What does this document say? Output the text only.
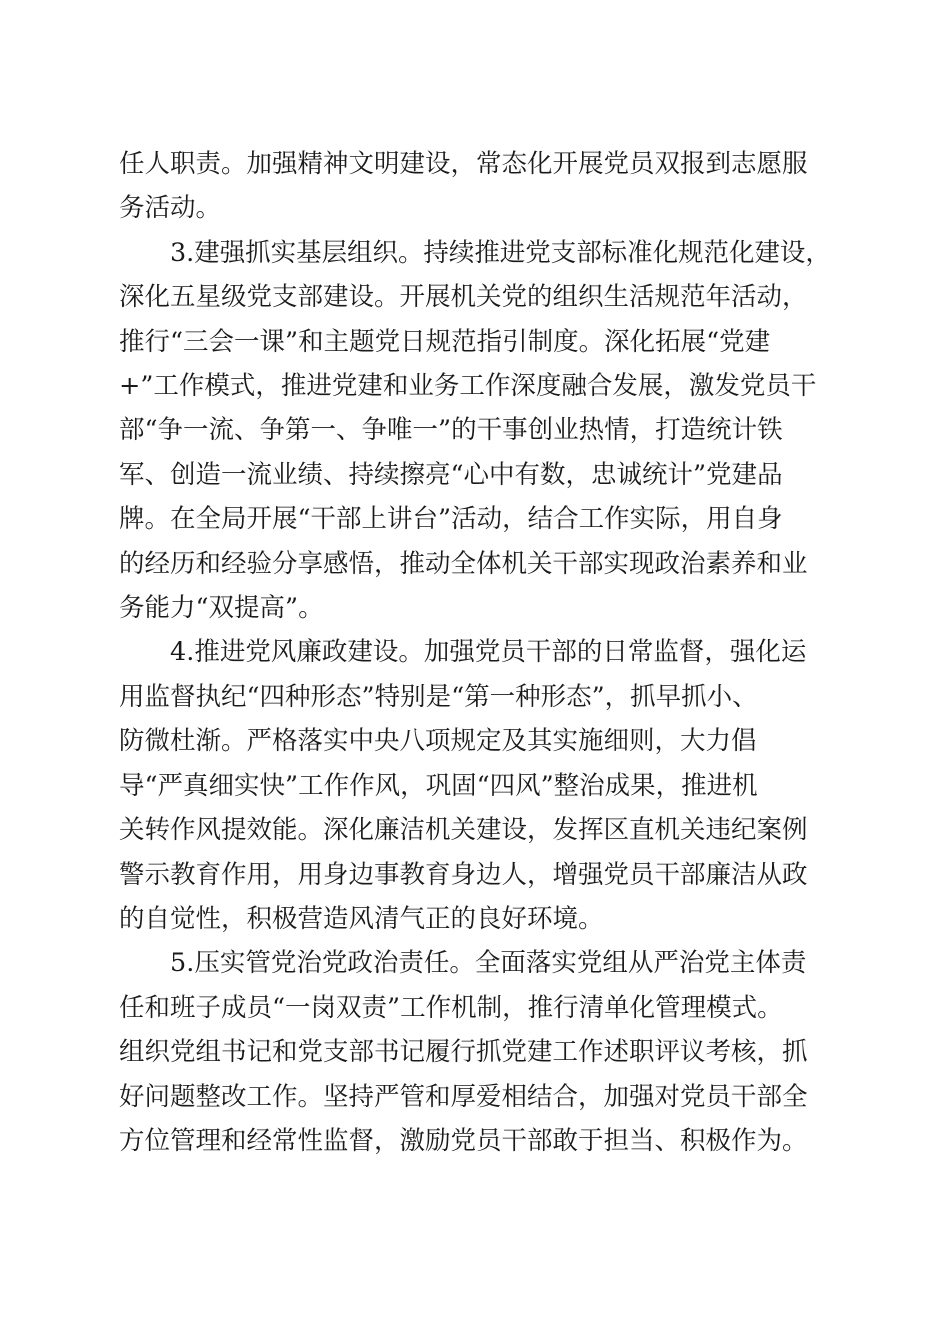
任人职责。加强精神文明建设，常态化开展党员双报到志愿服
务活动。

3.建强抓实基层组织。持续推进党支部标准化规范化建设，
深化五星级党支部建设。开展机关党的组织生活规范年活动，
推行“三会一课”和主题党日规范指引制度。深化拓展“党建
+”工作模式，推进党建和业务工作深度融合发展，激发党员干
部“争一流、争第一、争唯一”的干事创业热情，打造统计铁
军、创造一流业绩、持续擦亮“心中有数，忠诚统计”党建品
牌。在全局开展“干部上讲台”活动，结合工作实际，用自身
的经历和经验分享感悟，推动全体机关干部实现政治素养和业
务能力“双提高”。

4.推进党风廉政建设。加强党员干部的日常监督，强化运
用监督执纪“四种形态”特别是“第一种形态”，抓早抓小、
防微杜渐。严格落实中央八项规定及其实施细则，大力倡
导“严真细实快”工作作风，巩固“四风”整治成果，推进机
关转作风提效能。深化廉洁机关建设，发挥区直机关违纪案例
警示教育作用，用身边事教育身边人，增强党员干部廉洁从政
的自觉性，积极营造风清气正的良好环境。

5.压实管党治党政治责任。全面落实党组从严治党主体责
任和班子成员“一岗双责”工作机制，推行清单化管理模式。
组织党组书记和党支部书记履行抓党建工作述职评议考核，抓
好问题整改工作。坚持严管和厚爱相结合，加强对党员干部全
方位管理和经常性监督，激励党员干部敢于担当、积极作为。
